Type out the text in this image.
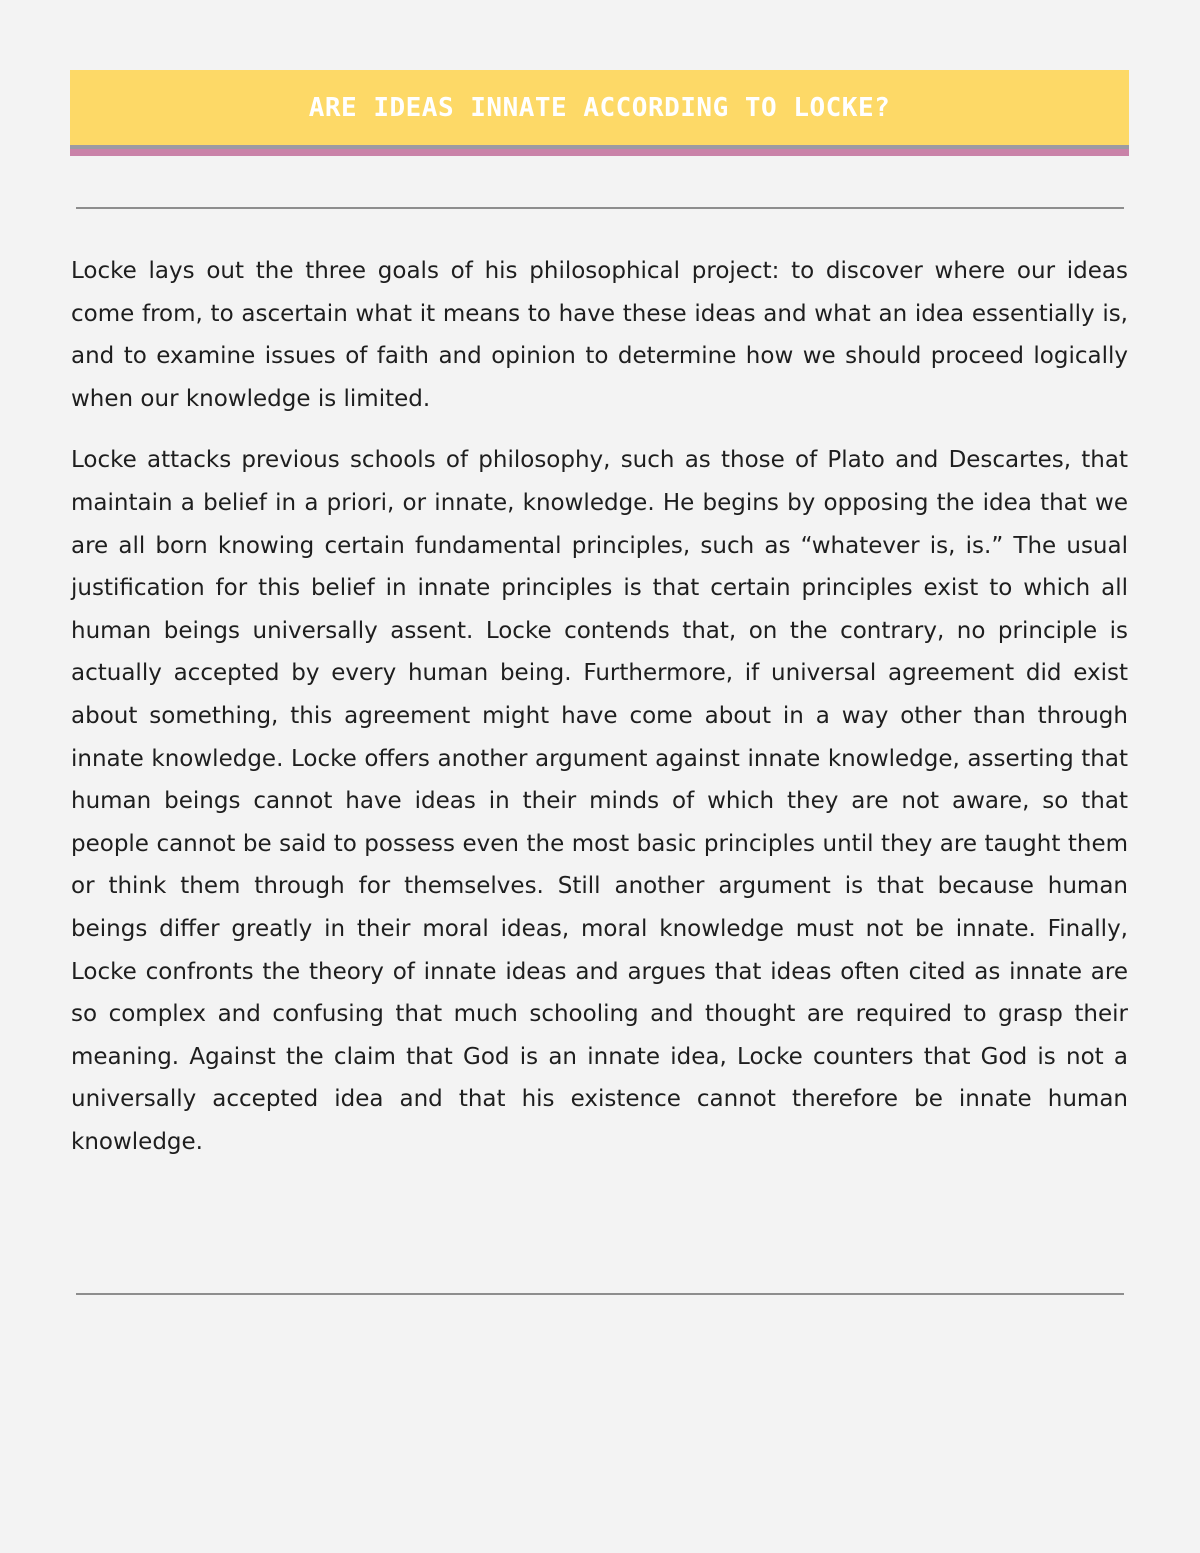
ARE IDEAS INNATE ACCORDING TO LOCKE?

Locke lays out the three goals of his philosophical project: to discover where our ideas come from, to ascertain what it means to have these ideas and what an idea essentially is, and to examine issues of faith and opinion to determine how we should proceed logically when our knowledge is limited.

Locke attacks previous schools of philosophy, such as those of Plato and Descartes, that maintain a belief in a priori, or innate, knowledge. He begins by opposing the idea that we are all born knowing certain fundamental principles, such as “whatever is, is.” The usual justification for this belief in innate principles is that certain principles exist to which all human beings universally assent. Locke contends that, on the contrary, no principle is actually accepted by every human being. Furthermore, if universal agreement did exist about something, this agreement might have come about in a way other than through innate knowledge. Locke offers another argument against innate knowledge, asserting that human beings cannot have ideas in their minds of which they are not aware, so that people cannot be said to possess even the most basic principles until they are taught them or think them through for themselves. Still another argument is that because human beings differ greatly in their moral ideas, moral knowledge must not be innate. Finally, Locke confronts the theory of innate ideas and argues that ideas often cited as innate are so complex and confusing that much schooling and thought are required to grasp their meaning. Against the claim that God is an innate idea, Locke counters that God is not a universally accepted idea and that his existence cannot therefore be innate human knowledge.
